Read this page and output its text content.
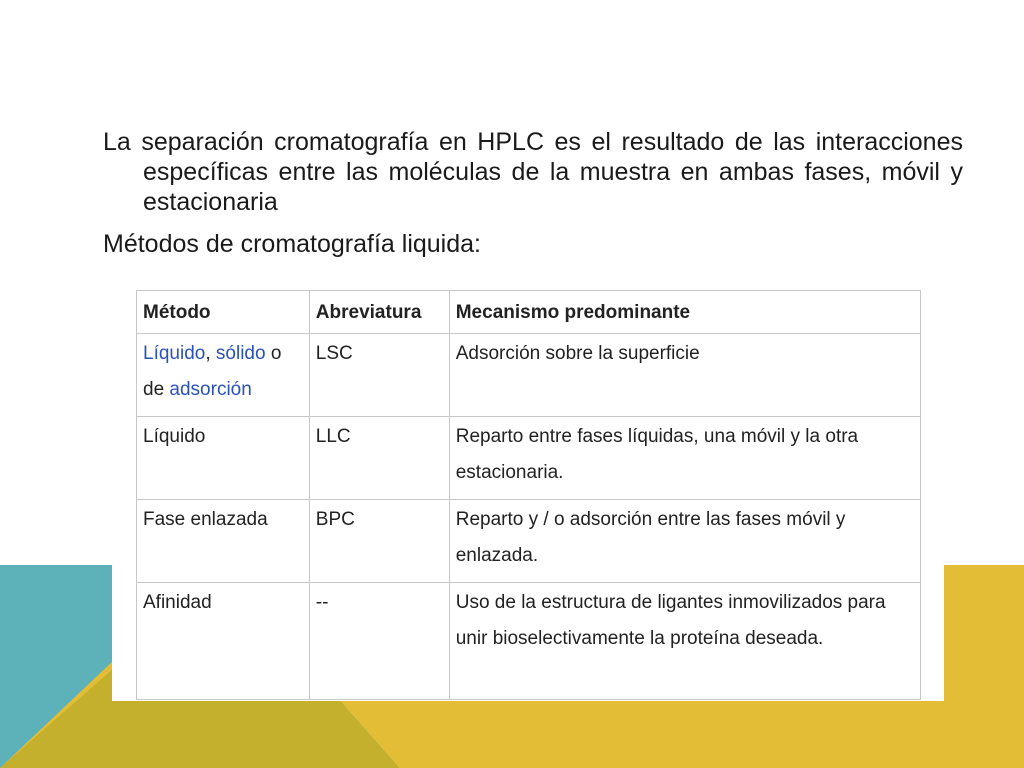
La separación cromatografía en HPLC es el resultado de las interacciones específicas entre las moléculas de la muestra en ambas fases, móvil y estacionaria

Métodos de cromatografía liquida:

Método	Abreviatura	Mecanismo predominante
Líquido, sólido o de adsorción	LSC	Adsorción sobre la superficie
Líquido	LLC	Reparto entre fases líquidas, una móvil y la otra estacionaria.
Fase enlazada	BPC	Reparto y / o adsorción entre las fases móvil y enlazada.
Afinidad	--	Uso de la estructura de ligantes inmovilizados para unir bioselectivamente la proteína deseada.
